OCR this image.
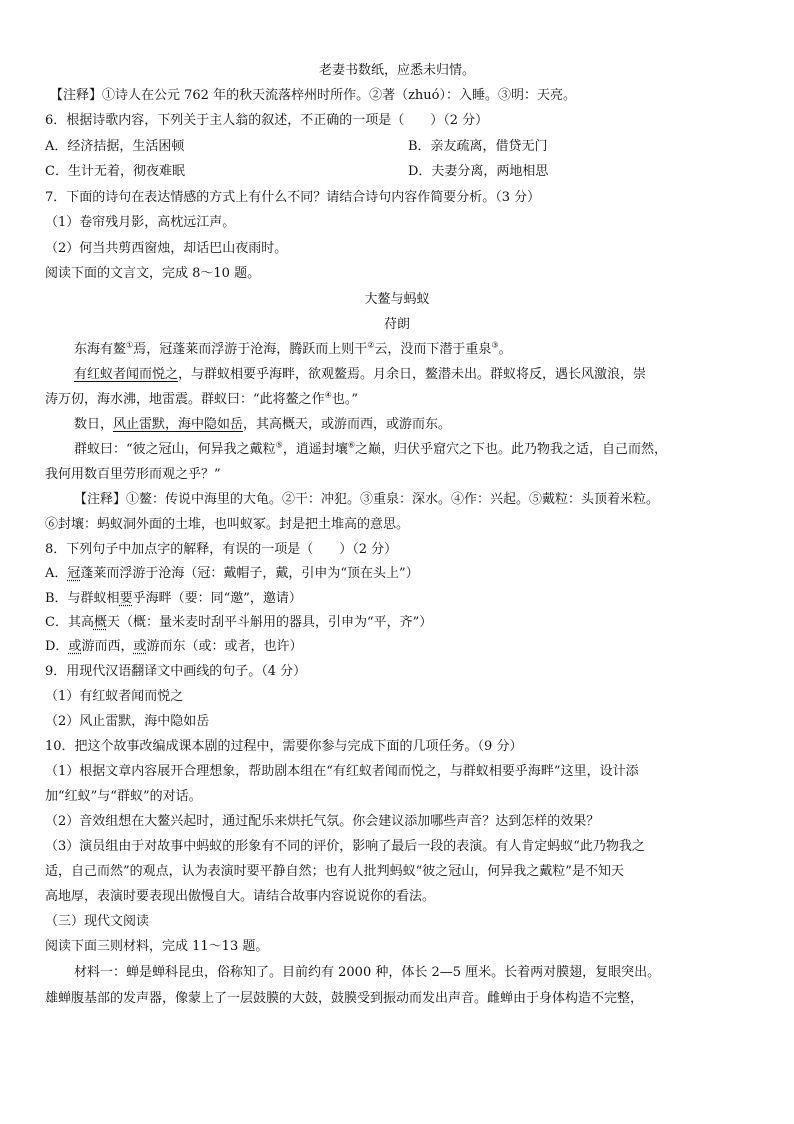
老妻书数纸，应悉未归情。
【注释】①诗人在公元 762 年的秋天流落梓州时所作。②著（zhuó）：入睡。③明：天亮。
6．根据诗歌内容，下列关于主人翁的叙述，不正确的一项是（　　）（2 分）
A．经济拮据，生活困顿	B．亲友疏离，借贷无门
C．生计无着，彻夜难眠	D．夫妻分离，两地相思
7．下面的诗句在表达情感的方式上有什么不同？请结合诗句内容作简要分析。（3 分）
（1）卷帘残月影，高枕远江声。
（2）何当共剪西窗烛，却话巴山夜雨时。
阅读下面的文言文，完成 8～10 题。
大鳌与蚂蚁
苻朗
东海有鳌①焉，冠蓬莱而浮游于沧海，腾跃而上则干②云，没而下潜于重泉③。
有红蚁者闻而悦之，与群蚁相要乎海畔，欲观鳌焉。月余日，鳌潜未出。群蚁将反，遇长风激浪，崇
涛万仞，海水沸，地雷震。群蚁曰：“此将鳌之作④也。”
数日，风止雷默，海中隐如岳，其高概天，或游而西，或游而东。
群蚁曰：“彼之冠山，何异我之戴粒⑤，逍遥封壤⑥之巅，归伏乎窟穴之下也。此乃物我之适，自己而然，
我何用数百里劳形而观之乎？”
【注释】①鳌：传说中海里的大龟。②干：冲犯。③重泉：深水。④作：兴起。⑤戴粒：头顶着米粒。
⑥封壤：蚂蚁洞外面的土堆，也叫蚁冢。封是把土堆高的意思。
8．下列句子中加点字的解释，有误的一项是（　　）（2 分）
A．冠蓬莱而浮游于沧海（冠：戴帽子，戴，引申为“顶在头上”）
B．与群蚁相要乎海畔（要：同“邀”，邀请）
C．其高概天（概：量米麦时刮平斗斛用的器具，引申为“平，齐”）
D．或游而西，或游而东（或：或者，也许）
9．用现代汉语翻译文中画线的句子。（4 分）
（1）有红蚁者闻而悦之
（2）风止雷默，海中隐如岳
10．把这个故事改编成课本剧的过程中，需要你参与完成下面的几项任务。（9 分）
（1）根据文章内容展开合理想象，帮助剧本组在“有红蚁者闻而悦之，与群蚁相要乎海畔”这里，设计添
加“红蚁”与“群蚁”的对话。
（2）音效组想在大鳌兴起时，通过配乐来烘托气氛。你会建议添加哪些声音？达到怎样的效果？
（3）演员组由于对故事中蚂蚁的形象有不同的评价，影响了最后一段的表演。有人肯定蚂蚁“此乃物我之
适，自己而然”的观点，认为表演时要平静自然；也有人批判蚂蚁“彼之冠山，何异我之戴粒”是不知天
高地厚，表演时要表现出傲慢自大。请结合故事内容说说你的看法。
（三）现代文阅读
阅读下面三则材料，完成 11～13 题。
材料一：蝉是蝉科昆虫，俗称知了。目前约有 2000 种，体长 2—5 厘米。长着两对膜翅，复眼突出。
雄蝉腹基部的发声器，像蒙上了一层鼓膜的大鼓，鼓膜受到振动而发出声音。雌蝉由于身体构造不完整，
